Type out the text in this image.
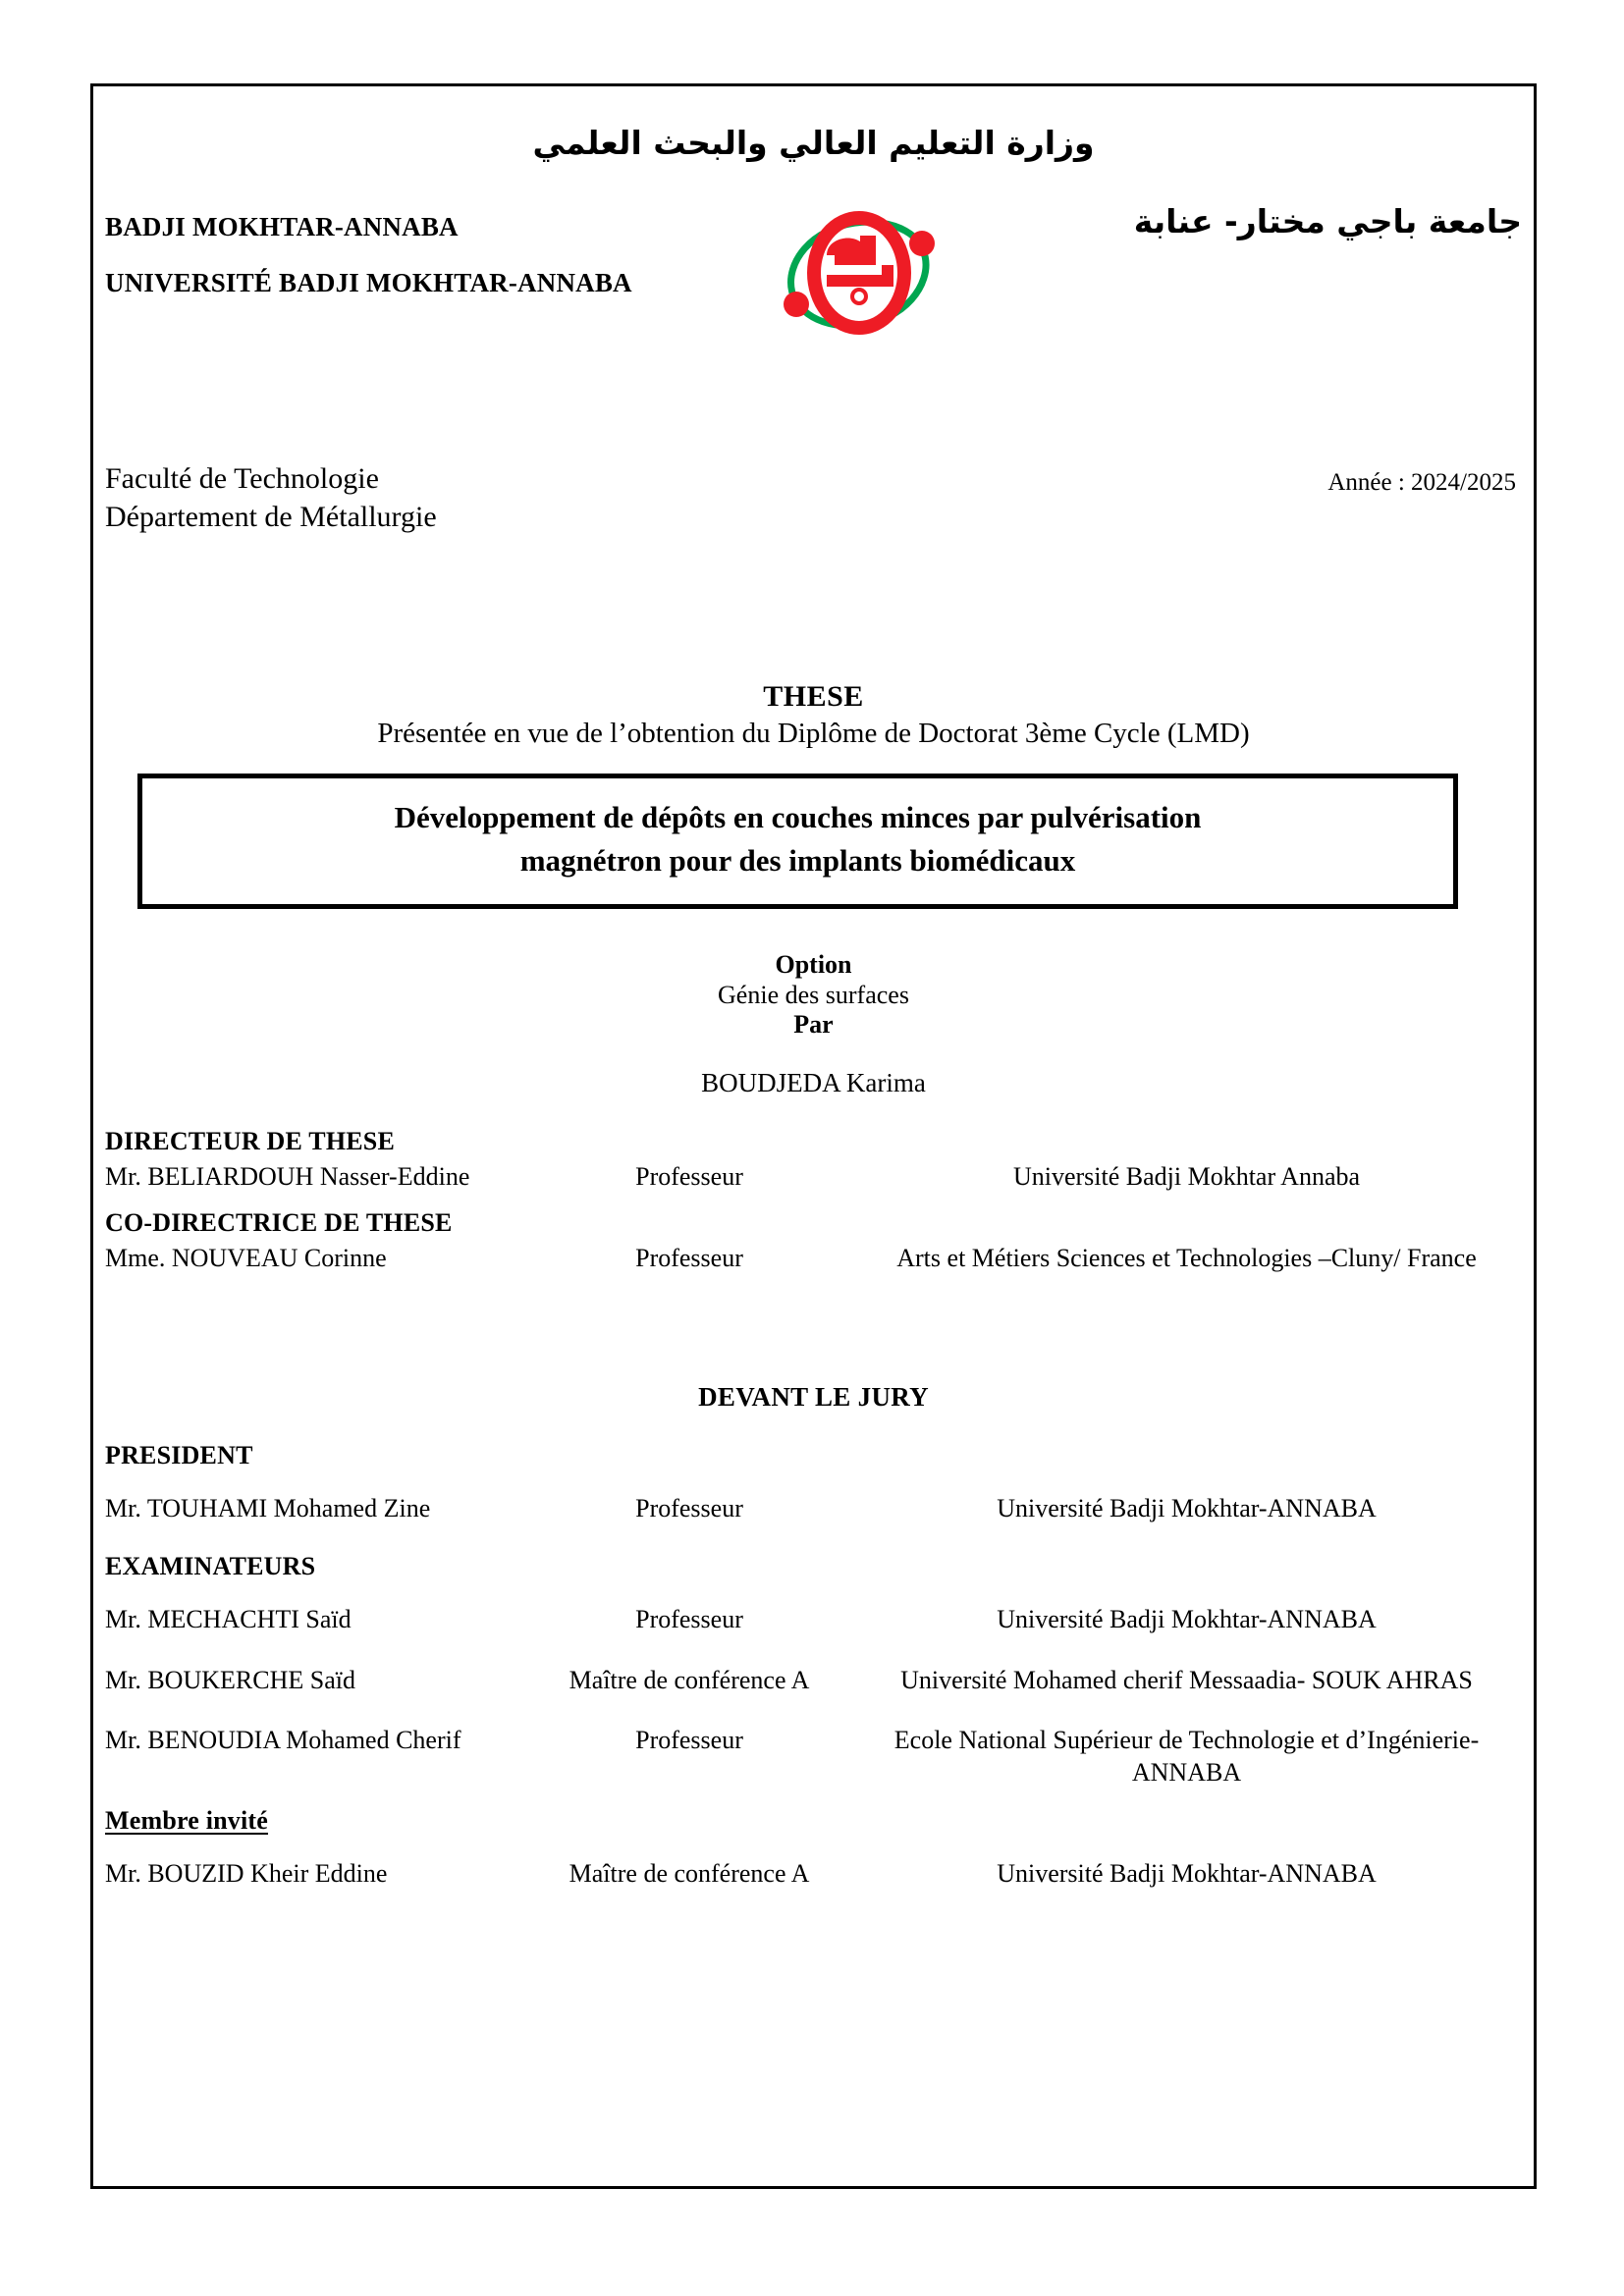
وزارة التعليم العالي والبحث العلمي
جامعة باجي مختار- عنابة
BADJI MOKHTAR-ANNABA
UNIVERSITÉ BADJI MOKHTAR-ANNABA
Faculté de Technologie
Département de Métallurgie
Année : 2024/2025
THESE
Présentée en vue de l’obtention du Diplôme de Doctorat 3ème Cycle (LMD)
Développement de dépôts en couches minces par pulvérisation
magnétron pour des implants biomédicaux
Option
Génie des surfaces
Par
BOUDJEDA Karima
DIRECTEUR DE THESE
Mr. BELIARDOUH Nasser-Eddine	Professeur	Université Badji Mokhtar Annaba
CO-DIRECTRICE DE THESE
Mme. NOUVEAU Corinne	Professeur	Arts et Métiers Sciences et Technologies –Cluny/ France
DEVANT LE JURY
PRESIDENT
Mr. TOUHAMI Mohamed Zine	Professeur	Université Badji Mokhtar-ANNABA
EXAMINATEURS
Mr. MECHACHTI Saïd	Professeur	Université Badji Mokhtar-ANNABA
Mr. BOUKERCHE Saïd	Maître de conférence A	Université Mohamed cherif Messaadia- SOUK AHRAS
Mr. BENOUDIA Mohamed Cherif	Professeur	Ecole National Supérieur de Technologie et d’Ingénierie- ANNABA
Membre invité
Mr. BOUZID Kheir Eddine	Maître de conférence A	Université Badji Mokhtar-ANNABA
